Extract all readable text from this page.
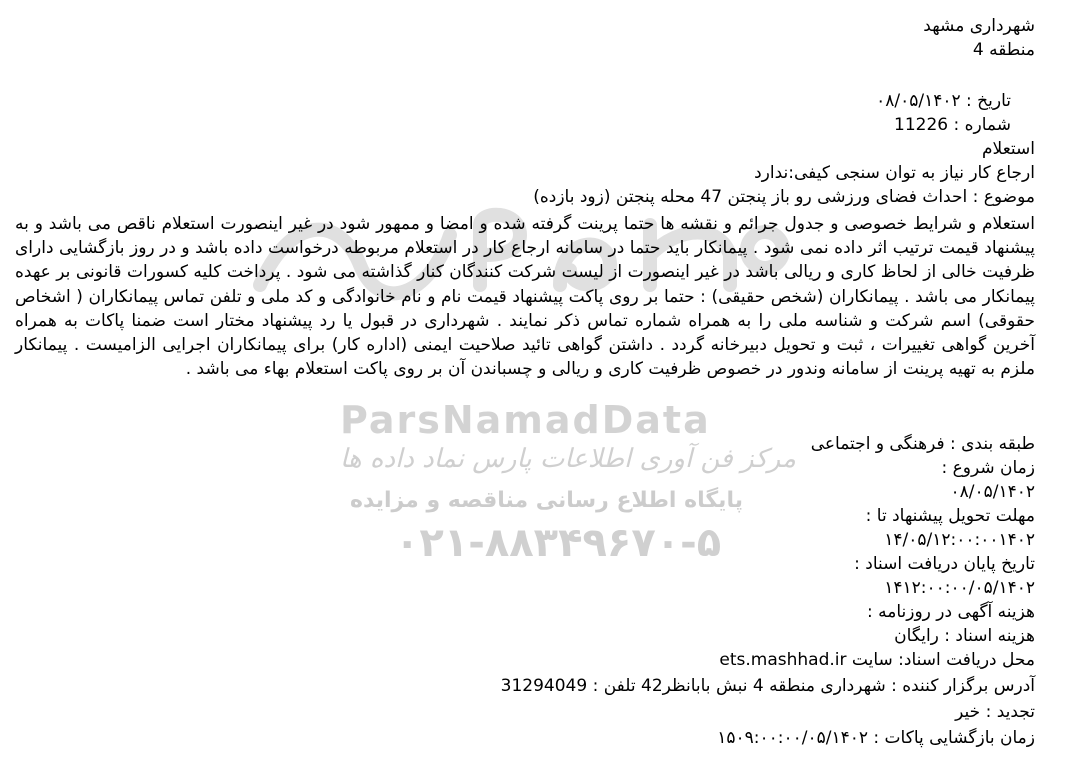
ParsNamadData
مرکز فن آوری اطلاعات پارس نماد داده ها
پایگاه اطلاع رسانی مناقصه و مزایده
۰۲۱-۸۸۳۴۹۶۷۰-۵
شهرداری مشهد
منطقه 4
تاریخ : ۰۸/۰۵/۱۴۰۲
شماره : 11226
استعلام
ارجاع کار نیاز به توان سنجی کیفی:ندارد
موضوع : احداث فضای ورزشی رو باز پنجتن 47 محله پنجتن (زود بازده)
استعلام و شرایط خصوصی و جدول جرائم و نقشه ها حتما پرینت گرفته شده و امضا و ممهور شود در غیر اینصورت استعلام ناقص می باشد و به پیشنهاد قیمت ترتیب اثر داده نمی شود . پیمانکار باید حتما در سامانه ارجاع کار در استعلام مربوطه درخواست داده باشد و در روز بازگشایی دارای ظرفیت خالی از لحاظ کاری و ریالی باشد در غیر اینصورت از لیست شرکت کنندگان کنار گذاشته می شود . پرداخت کلیه کسورات قانونی بر عهده پیمانکار می باشد . پیمانکاران (شخص حقیقی) : حتما بر روی پاکت پیشنهاد قیمت نام و نام خانوادگی و کد ملی و تلفن تماس پیمانکاران ( اشخاص حقوقی) اسم شرکت و شناسه ملی را به همراه شماره تماس ذکر نمایند . شهرداری در قبول یا رد پیشنهاد مختار است ضمنا پاکات به همراه آخرین گواهی تغییرات ، ثبت و تحویل دبیرخانه گردد . داشتن گواهی تائید صلاحیت ایمنی (اداره کار) برای پیمانکاران اجرایی الزامیست . پیمانکار ملزم به تهیه پرینت از سامانه وندور در خصوص ظرفیت کاری و ریالی و چسباندن آن بر روی پاکت استعلام بهاء می باشد .
طبقه بندی : فرهنگی و اجتماعی
زمان شروع :
۰۸/۰۵/۱۴۰۲
مهلت تحویل پیشنهاد تا :
۱۴/۰۵/۱۲:۰۰:۰۰۱۴۰۲
تاریخ پایان دریافت اسناد :
۱۴۱۲:۰۰:۰۰/۰۵/۱۴۰۲
هزینه آگهی در روزنامه :
هزینه اسناد : رایگان
محل دریافت اسناد: سایت ets.mashhad.ir
آدرس برگزار کننده : شهرداری منطقه 4 نبش بابانظر42 تلفن : 31294049
تجدید : خیر
زمان بازگشایی پاکات : ۱۵۰۹:۰۰:۰۰/۰۵/۱۴۰۲
